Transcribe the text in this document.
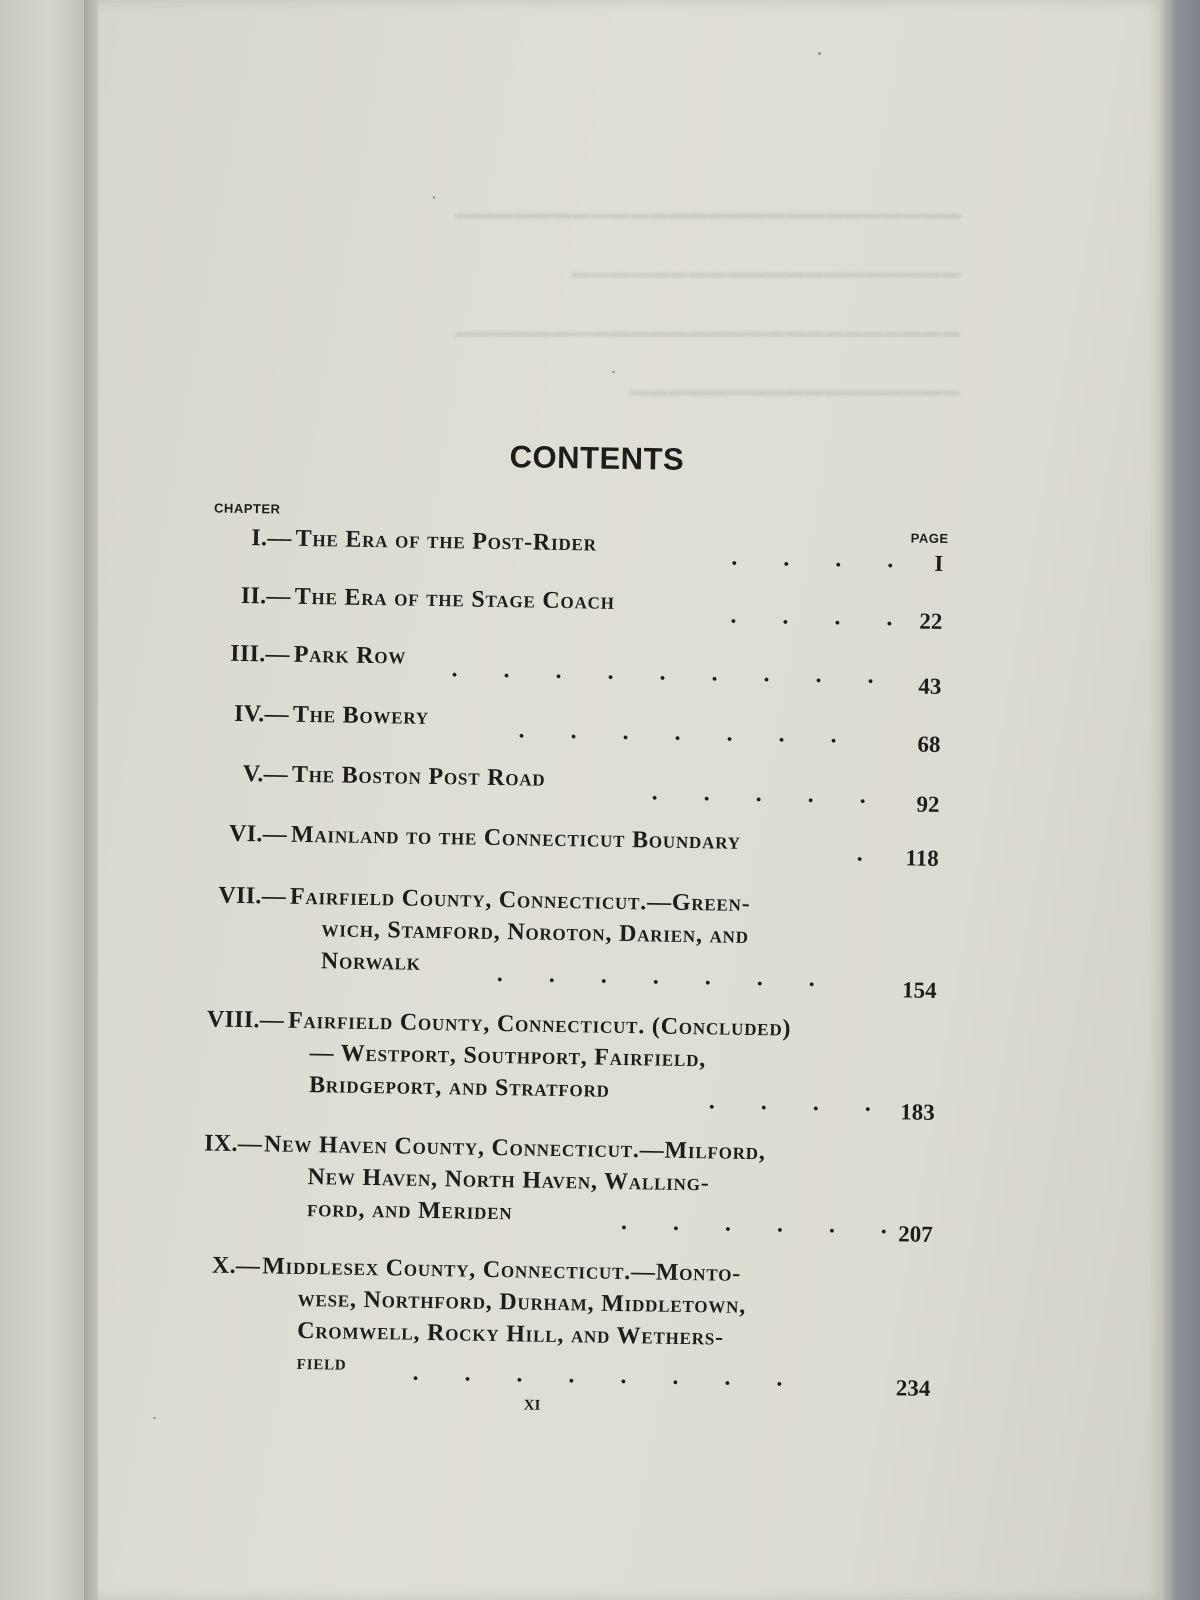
▁▁▁▁▁▁▁▁▁▁▁▁▁▁▁▁▁▁▁▁▁▁▁▁▁▁
▁▁▁▁▁▁▁▁▁▁▁▁▁▁▁▁▁▁▁▁
▁▁▁▁▁▁▁▁▁▁▁▁▁▁▁▁▁▁▁▁▁▁▁▁▁▁
▁▁▁▁▁▁▁▁▁▁▁▁▁▁▁▁▁
CONTENTS
CHAPTER
PAGE
I.— The Era of the Post-Rider
. . . . I
II.— The Era of the Stage Coach
. . . . 22
III.— Park Row
. . . . . . . . .	43
IV.— The Bowery
. . . . . . .	68
V.— The Boston Post Road
. . . . .	92
VI.— Mainland to the Connecticut Boundary	. 118
VII.— Fairfield County, Connecticut.—Green-
wich, Stamford, Noroton, Darien, and
Norwalk	. . . . . . .	154
VIII.— Fairfield County, Connecticut. (Concluded)
— Westport, Southport, Fairfield,
Bridgeport, and Stratford	. . . . 183
IX.— New Haven County, Connecticut.—Milford,
New Haven, North Haven, Walling-
ford, and Meriden	. . . . . .
207
X.— Middlesex County, Connecticut.—Monto-
wese, Northford, Durham, Middletown,
Cromwell, Rocky Hill, and Wethers-
field	. . . . . . . .	234
xi
